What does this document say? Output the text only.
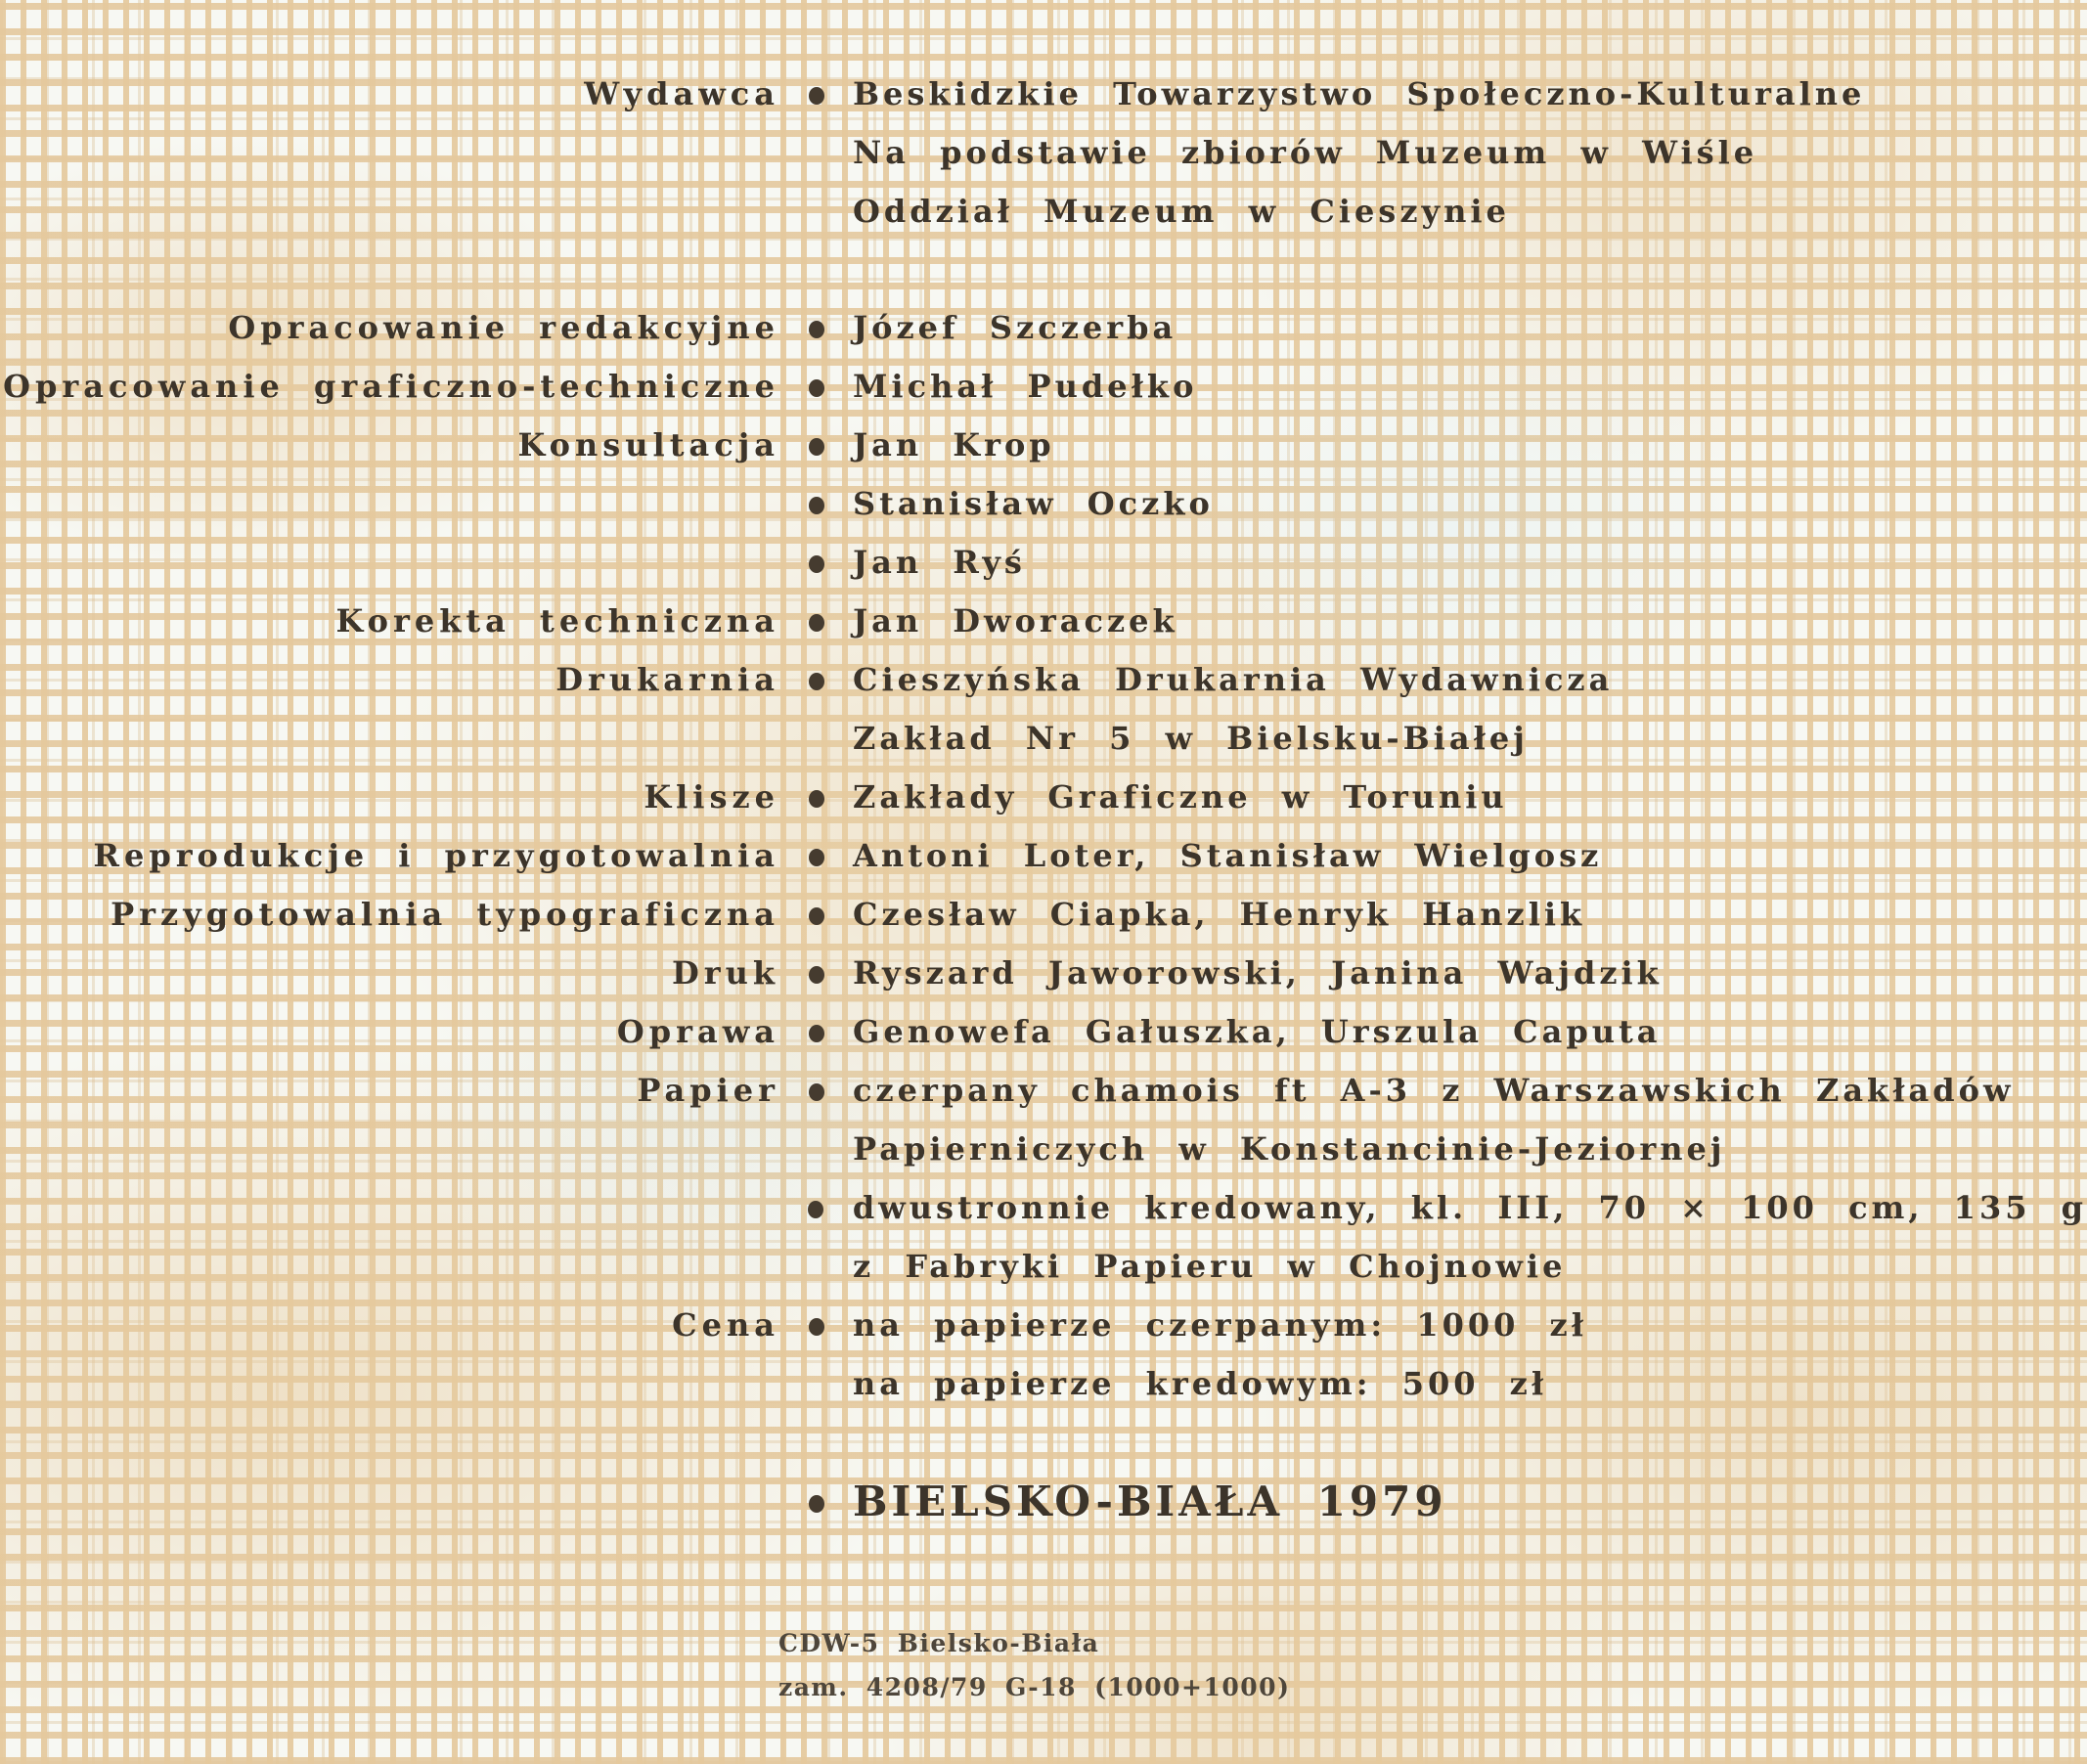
Wydawca Beskidzkie Towarzystwo Społeczno-Kulturalne
Na podstawie zbiorów Muzeum w Wiśle
Oddział Muzeum w Cieszynie
Opracowanie redakcyjne Józef Szczerba
Opracowanie graficzno-techniczne Michał Pudełko
Konsultacja Jan Krop
Stanisław Oczko
Jan Ryś
Korekta techniczna Jan Dworaczek
Drukarnia Cieszyńska Drukarnia Wydawnicza
Zakład Nr 5 w Bielsku-Białej
Klisze Zakłady Graficzne w Toruniu
Reprodukcje i przygotowalnia Antoni Loter, Stanisław Wielgosz
Przygotowalnia typograficzna Czesław Ciapka, Henryk Hanzlik
Druk Ryszard Jaworowski, Janina Wajdzik
Oprawa Genowefa Gałuszka, Urszula Caputa
Papier czerpany chamois ft A-3 z Warszawskich Zakładów
Papierniczych w Konstancinie-Jeziornej
dwustronnie kredowany, kl. III, 70 × 100 cm, 135 g
z Fabryki Papieru w Chojnowie
Cena na papierze czerpanym: 1000 zł
na papierze kredowym: 500 zł
BIELSKO-BIAŁA 1979
CDW-5 Bielsko-Biała
zam. 4208/79 G-18 (1000+1000)
